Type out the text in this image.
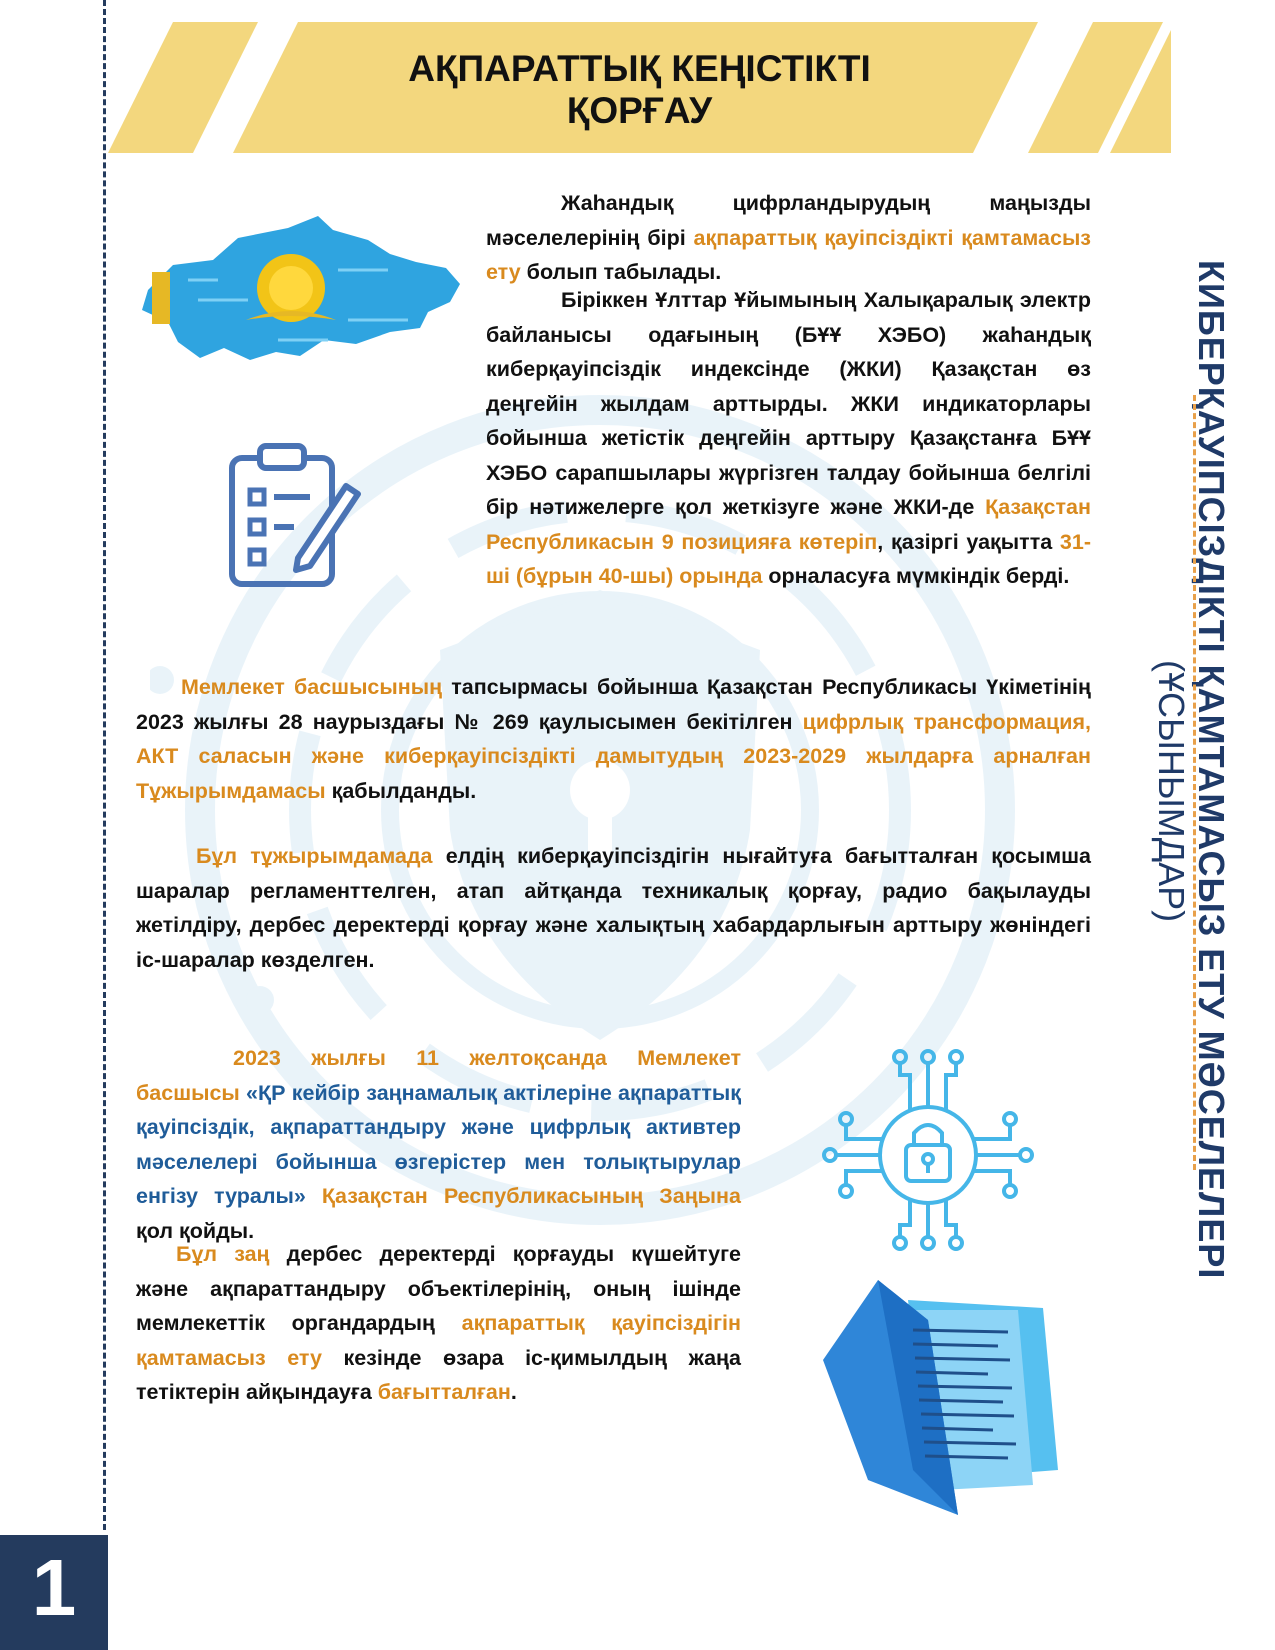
АҚПАРАТТЫҚ КЕҢІСТІКТІ
ҚОРҒАУ
КИБЕРҚАУІПСІЗДІКТІ ҚАМТАМАСЫЗ ЕТУ МӘСЕЛЕЛЕРІ
(ҰСЫНЫМДАР)
Жаһандық цифрландырудың маңызды мәселелерінің бірі ақпараттық қауіпсіздікті қамтамасыз ету болып табылады.
Біріккен Ұлттар Ұйымының Халықаралық электр байланысы одағының (БҰҰ ХЭБО) жаһандық киберқауіпсіздік индексінде (ЖКИ) Қазақстан өз деңгейін жылдам арттырды. ЖКИ индикаторлары бойынша жетістік деңгейін арттыру Қазақстанға БҰҰ ХЭБО сарапшылары жүргізген талдау бойынша белгілі бір нәтижелерге қол жеткізуге және ЖКИ-де Қазақстан Республикасын 9 позицияға көтеріп, қазіргі уақытта 31-ші (бұрын 40-шы) орында орналасуға мүмкіндік берді.
Мемлекет басшысының тапсырмасы бойынша Қазақстан Республикасы Үкіметінің 2023 жылғы 28 наурыздағы № 269 қаулысымен бекітілген цифрлық трансформация, АКТ саласын және киберқауіпсіздікті дамытудың 2023-2029 жылдарға арналған Тұжырымдамасы қабылданды.
Бұл тұжырымдамада елдің киберқауіпсіздігін нығайтуға бағытталған қосымша шаралар регламенттелген, атап айтқанда техникалық қорғау, радио бақылауды жетілдіру, дербес деректерді қорғау және халықтың хабардарлығын арттыру жөніндегі іс-шаралар көзделген.
2023 жылғы 11 желтоқсанда Мемлекет басшысы «ҚР кейбір заңнамалық актілеріне ақпараттық қауіпсіздік, ақпараттандыру және цифрлық активтер мәселелері бойынша өзгерістер мен толықтырулар енгізу туралы» Қазақстан Республикасының Заңына қол қойды.
Бұл заң дербес деректерді қорғауды күшейтуге және ақпараттандыру объектілерінің, оның ішінде мемлекеттік органдардың ақпараттық қауіпсіздігін қамтамасыз ету кезінде өзара іс-қимылдың жаңа тетіктерін айқындауға бағытталған.
1
